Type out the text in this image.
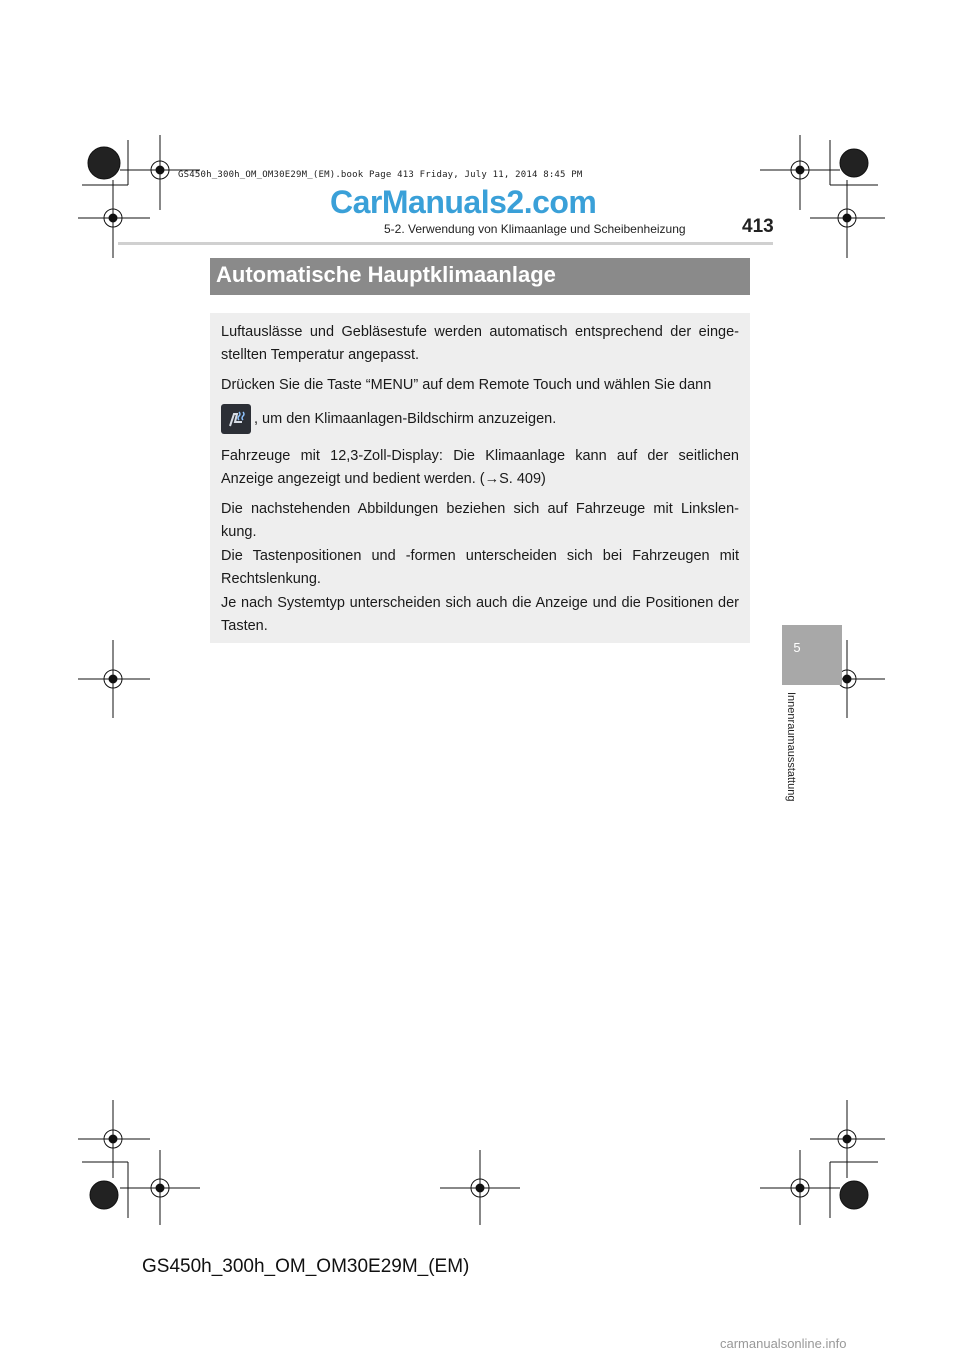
GS450h_300h_OM_OM30E29M_(EM).book Page 413 Friday, July 11, 2014 8:45 PM
CarManuals2.com
5-2. Verwendung von Klimaanlage und Scheibenheizung	413
Automatische Hauptklimaanlage
Luftauslässe und Gebläsestufe werden automatisch entsprechend der einge-stellten Temperatur angepasst.
Drücken Sie die Taste “MENU” auf dem Remote Touch und wählen Sie dann
, um den Klimaanlagen-Bildschirm anzuzeigen.
Fahrzeuge mit 12,3-Zoll-Display: Die Klimaanlage kann auf der seitlichen Anzeige angezeigt und bedient werden. (→S. 409)
Die nachstehenden Abbildungen beziehen sich auf Fahrzeuge mit Linkslen-kung.
Die Tastenpositionen und -formen unterscheiden sich bei Fahrzeugen mit Rechtslenkung.
Je nach Systemtyp unterscheiden sich auch die Anzeige und die Positionen der Tasten.
5
Innenraumausstattung
GS450h_300h_OM_OM30E29M_(EM)
carmanualsonline.info
